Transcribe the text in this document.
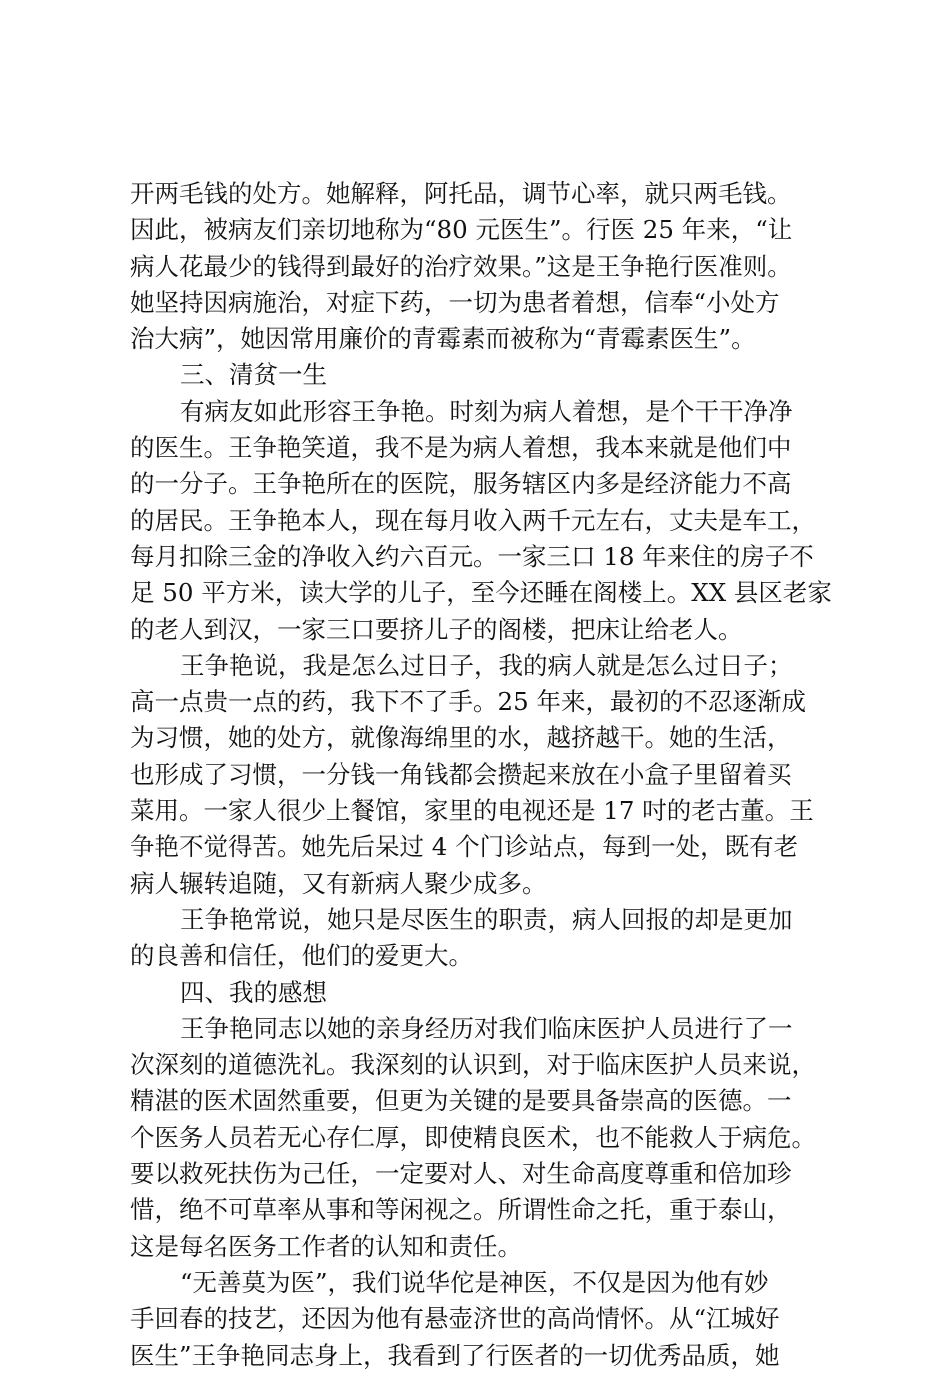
开两毛钱的处方。她解释，阿托品，调节心率，就只两毛钱。
因此，被病友们亲切地称为“80 元医生”。行医 25 年来，“让
病人花最少的钱得到最好的治疗效果。”这是王争艳行医准则。
她坚持因病施治，对症下药，一切为患者着想，信奉“小处方
治大病”，她因常用廉价的青霉素而被称为“青霉素医生”。
三、清贫一生
有病友如此形容王争艳。时刻为病人着想，是个干干净净
的医生。王争艳笑道，我不是为病人着想，我本来就是他们中
的一分子。王争艳所在的医院，服务辖区内多是经济能力不高
的居民。王争艳本人，现在每月收入两千元左右，丈夫是车工，
每月扣除三金的净收入约六百元。一家三口 18 年来住的房子不
足 50 平方米，读大学的儿子，至今还睡在阁楼上。XX 县区老家
的老人到汉，一家三口要挤儿子的阁楼，把床让给老人。
王争艳说，我是怎么过日子，我的病人就是怎么过日子；
高一点贵一点的药，我下不了手。25 年来，最初的不忍逐渐成
为习惯，她的处方，就像海绵里的水，越挤越干。她的生活，
也形成了习惯，一分钱一角钱都会攒起来放在小盒子里留着买
菜用。一家人很少上餐馆，家里的电视还是 17 吋的老古董。王
争艳不觉得苦。她先后呆过 4 个门诊站点，每到一处，既有老
病人辗转追随，又有新病人聚少成多。
王争艳常说，她只是尽医生的职责，病人回报的却是更加
的良善和信任，他们的爱更大。
四、我的感想
王争艳同志以她的亲身经历对我们临床医护人员进行了一
次深刻的道德洗礼。我深刻的认识到，对于临床医护人员来说，
精湛的医术固然重要，但更为关键的是要具备崇高的医德。一
个医务人员若无心存仁厚，即使精良医术，也不能救人于病危。
要以救死扶伤为己任，一定要对人、对生命高度尊重和倍加珍
惜，绝不可草率从事和等闲视之。所谓性命之托，重于泰山，
这是每名医务工作者的认知和责任。
“无善莫为医”，我们说华佗是神医，不仅是因为他有妙
手回春的技艺，还因为他有悬壶济世的高尚情怀。从“江城好
医生”王争艳同志身上，我看到了行医者的一切优秀品质，她
